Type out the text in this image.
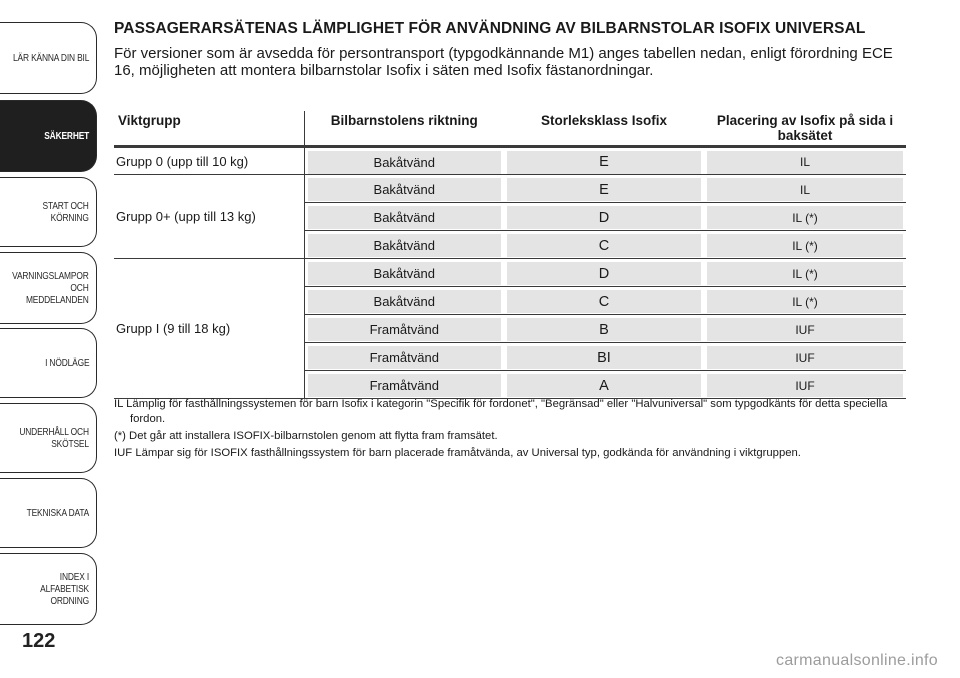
LÄR KÄNNA DIN BIL
SÄKERHET
START OCH
KÖRNING
VARNINGSLAMPOR
OCH
MEDDELANDEN
I NÖDLÄGE
UNDERHÅLL OCH
SKÖTSEL
TEKNISKA DATA
INDEX I ALFABETISK
ORDNING
122
PASSAGERARSÄTENAS LÄMPLIGHET FÖR ANVÄNDNING AV BILBARNSTOLAR ISOFIX UNIVERSAL

För versioner som är avsedda för persontransport (typgodkännande M1) anges tabellen nedan, enligt förordning ECE 16, möjligheten att montera bilbarnstolar Isofix i säten med Isofix fästanordningar.

Viktgrupp	Bilbarnstolens riktning	Storleksklass Isofix	Placering av Isofix på sida i baksätet
Grupp 0 (upp till 10 kg)	Bakåtvänd	E	IL

Grupp 0+ (upp till 13 kg)	Bakåtvänd	E	IL

Bakåtvänd	D	IL (*)

Bakåtvänd	C	IL (*)

Grupp I (9 till 18 kg)	Bakåtvänd	D	IL (*)

Bakåtvänd	C	IL (*)

Framåtvänd	B	IUF

Framåtvänd	BI	IUF

Framåtvänd	A	IUF

IL Lämplig för fasthållningssystemen för barn Isofix i kategorin "Specifik för fordonet", "Begränsad" eller "Halvuniversal" som typgodkänts för detta speciella fordon.

(*) Det går att installera ISOFIX-bilbarnstolen genom att flytta fram framsätet.

IUF Lämpar sig för ISOFIX fasthållningssystem för barn placerade framåtvända, av Universal typ, godkända för användning i viktgruppen.

carmanualsonline.info
